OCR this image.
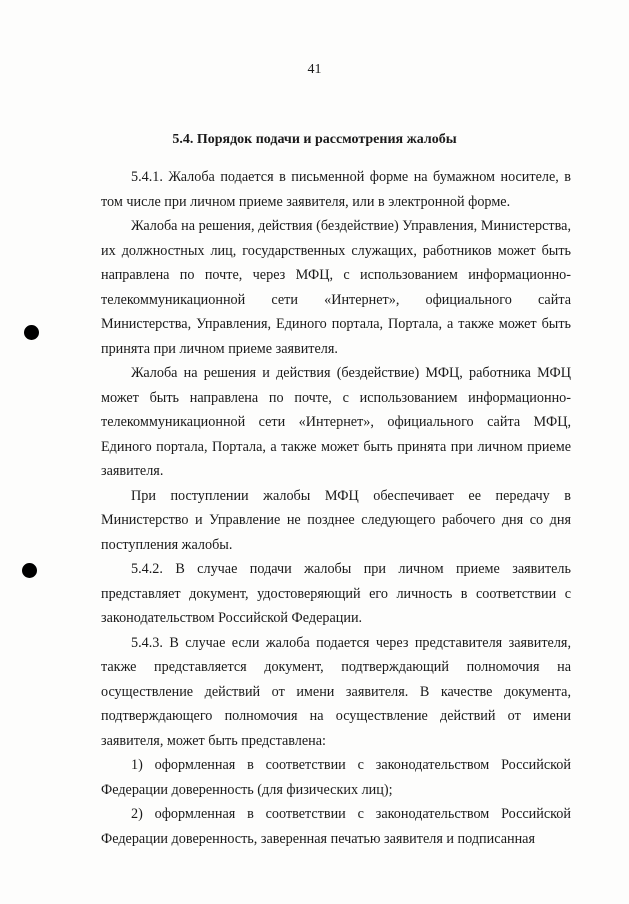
41
5.4. Порядок подачи и рассмотрения жалобы

5.4.1. Жалоба подается в письменной форме на бумажном носителе, в том числе при личном приеме заявителя, или в электронной форме.

Жалоба на решения, действия (бездействие) Управления, Министерства, их должностных лиц, государственных служащих, работников может быть направлена по почте, через МФЦ, с использованием информационно-телекоммуникационной сети «Интернет», официального сайта Министерства, Управления, Единого портала, Портала, а также может быть принята при личном приеме заявителя.

Жалоба на решения и действия (бездействие) МФЦ, работника МФЦ может быть направлена по почте, с использованием информационно-телекоммуникационной сети «Интернет», официального сайта МФЦ, Единого портала, Портала, а также может быть принята при личном приеме заявителя.

При поступлении жалобы МФЦ обеспечивает ее передачу в Министерство и Управление не позднее следующего рабочего дня со дня поступления жалобы.

5.4.2. В случае подачи жалобы при личном приеме заявитель представляет документ, удостоверяющий его личность в соответствии с законодательством Российской Федерации.

5.4.3. В случае если жалоба подается через представителя заявителя, также представляется документ, подтверждающий полномочия на осуществление действий от имени заявителя. В качестве документа, подтверждающего полномочия на осуществление действий от имени заявителя, может быть представлена:

1) оформленная в соответствии с законодательством Российской Федерации доверенность (для физических лиц);

2) оформленная в соответствии с законодательством Российской Федерации доверенность, заверенная печатью заявителя и подписанная
